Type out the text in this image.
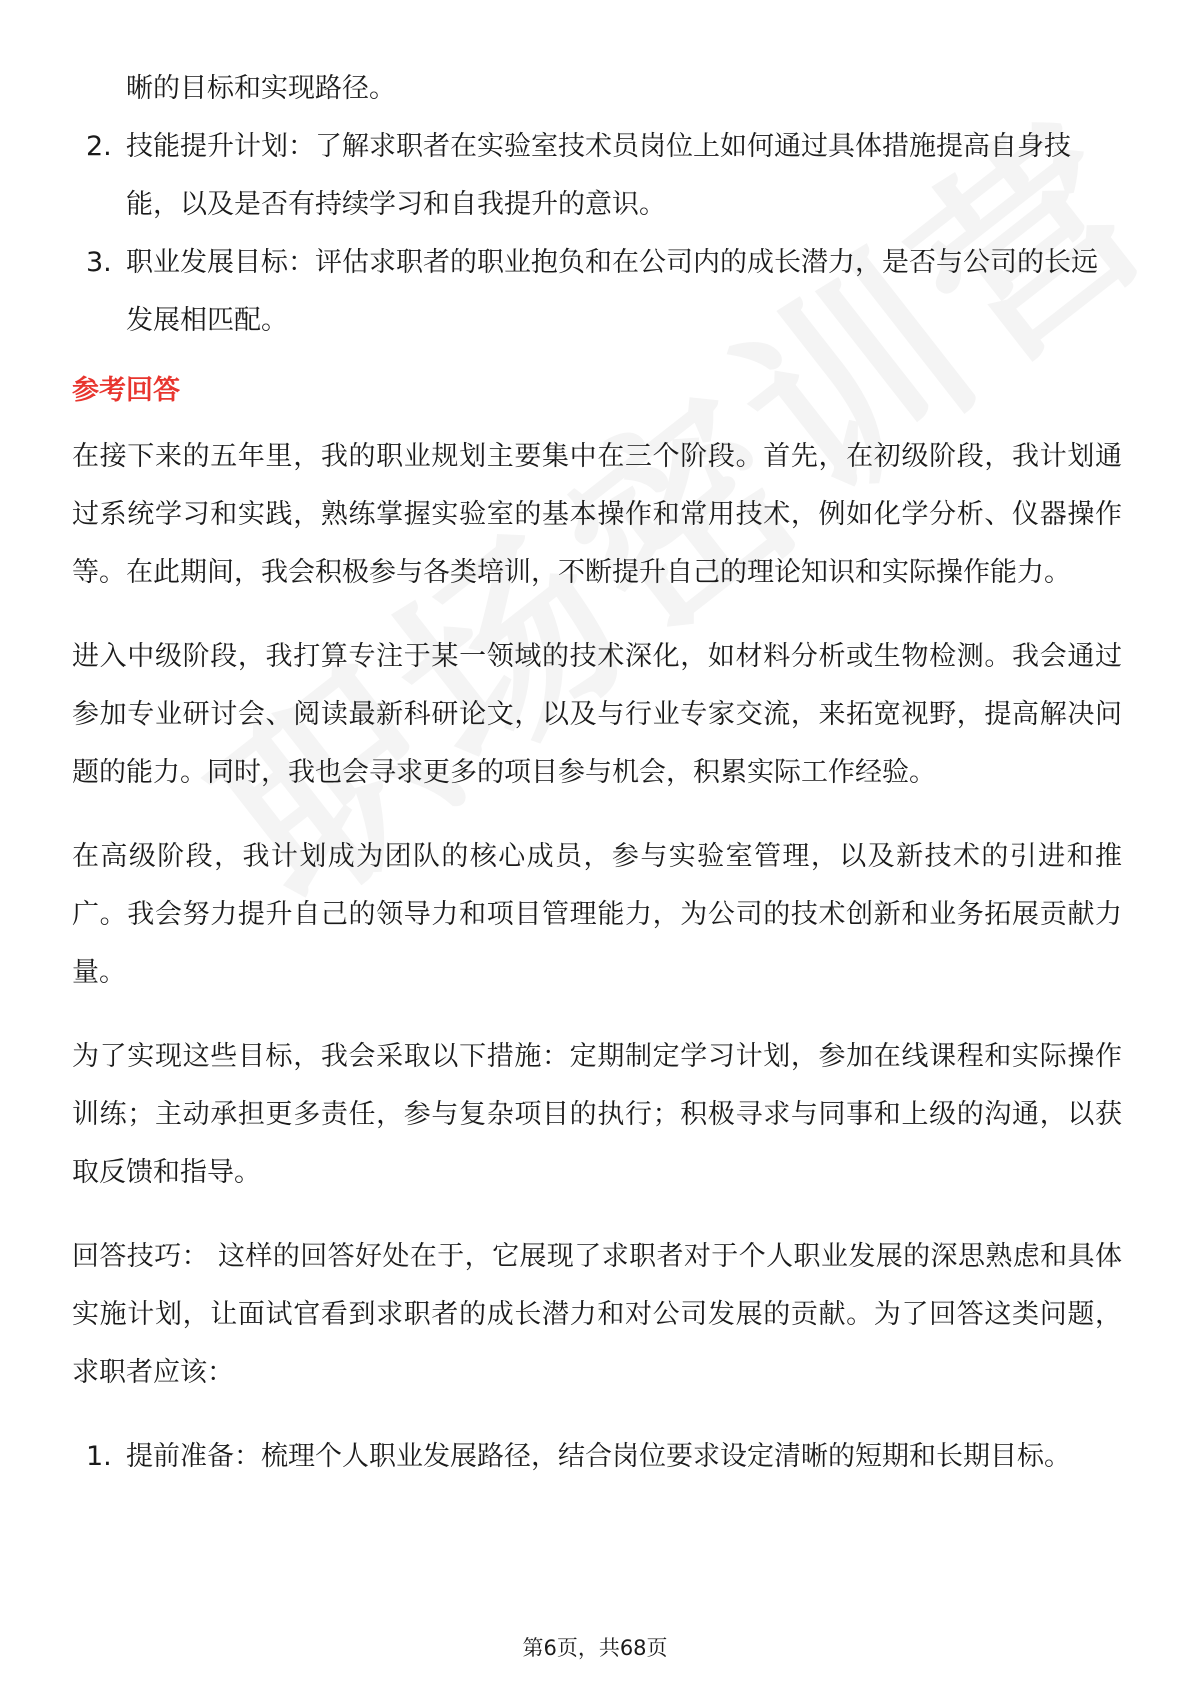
晰的目标和实现路径。
2. 技能提升计划：了解求职者在实验室技术员岗位上如何通过具体措施提高自身技能，以及是否有持续学习和自我提升的意识。
3. 职业发展目标：评估求职者的职业抱负和在公司内的成长潜力，是否与公司的长远发展相匹配。
参考回答

在接下来的五年里，我的职业规划主要集中在三个阶段。首先，在初级阶段，我计划通过系统学习和实践，熟练掌握实验室的基本操作和常用技术，例如化学分析、仪器操作等。在此期间，我会积极参与各类培训，不断提升自己的理论知识和实际操作能力。

进入中级阶段，我打算专注于某一领域的技术深化，如材料分析或生物检测。我会通过参加专业研讨会、阅读最新科研论文，以及与行业专家交流，来拓宽视野，提高解决问题的能力。同时，我也会寻求更多的项目参与机会，积累实际工作经验。

在高级阶段，我计划成为团队的核心成员，参与实验室管理，以及新技术的引进和推广。我会努力提升自己的领导力和项目管理能力，为公司的技术创新和业务拓展贡献力量。

为了实现这些目标，我会采取以下措施：定期制定学习计划，参加在线课程和实际操作训练；主动承担更多责任，参与复杂项目的执行；积极寻求与同事和上级的沟通，以获取反馈和指导。

回答技巧： 这样的回答好处在于，它展现了求职者对于个人职业发展的深思熟虑和具体实施计划，让面试官看到求职者的成长潜力和对公司发展的贡献。为了回答这类问题，求职者应该：

1. 提前准备：梳理个人职业发展路径，结合岗位要求设定清晰的短期和长期目标。
第6页，共68页
